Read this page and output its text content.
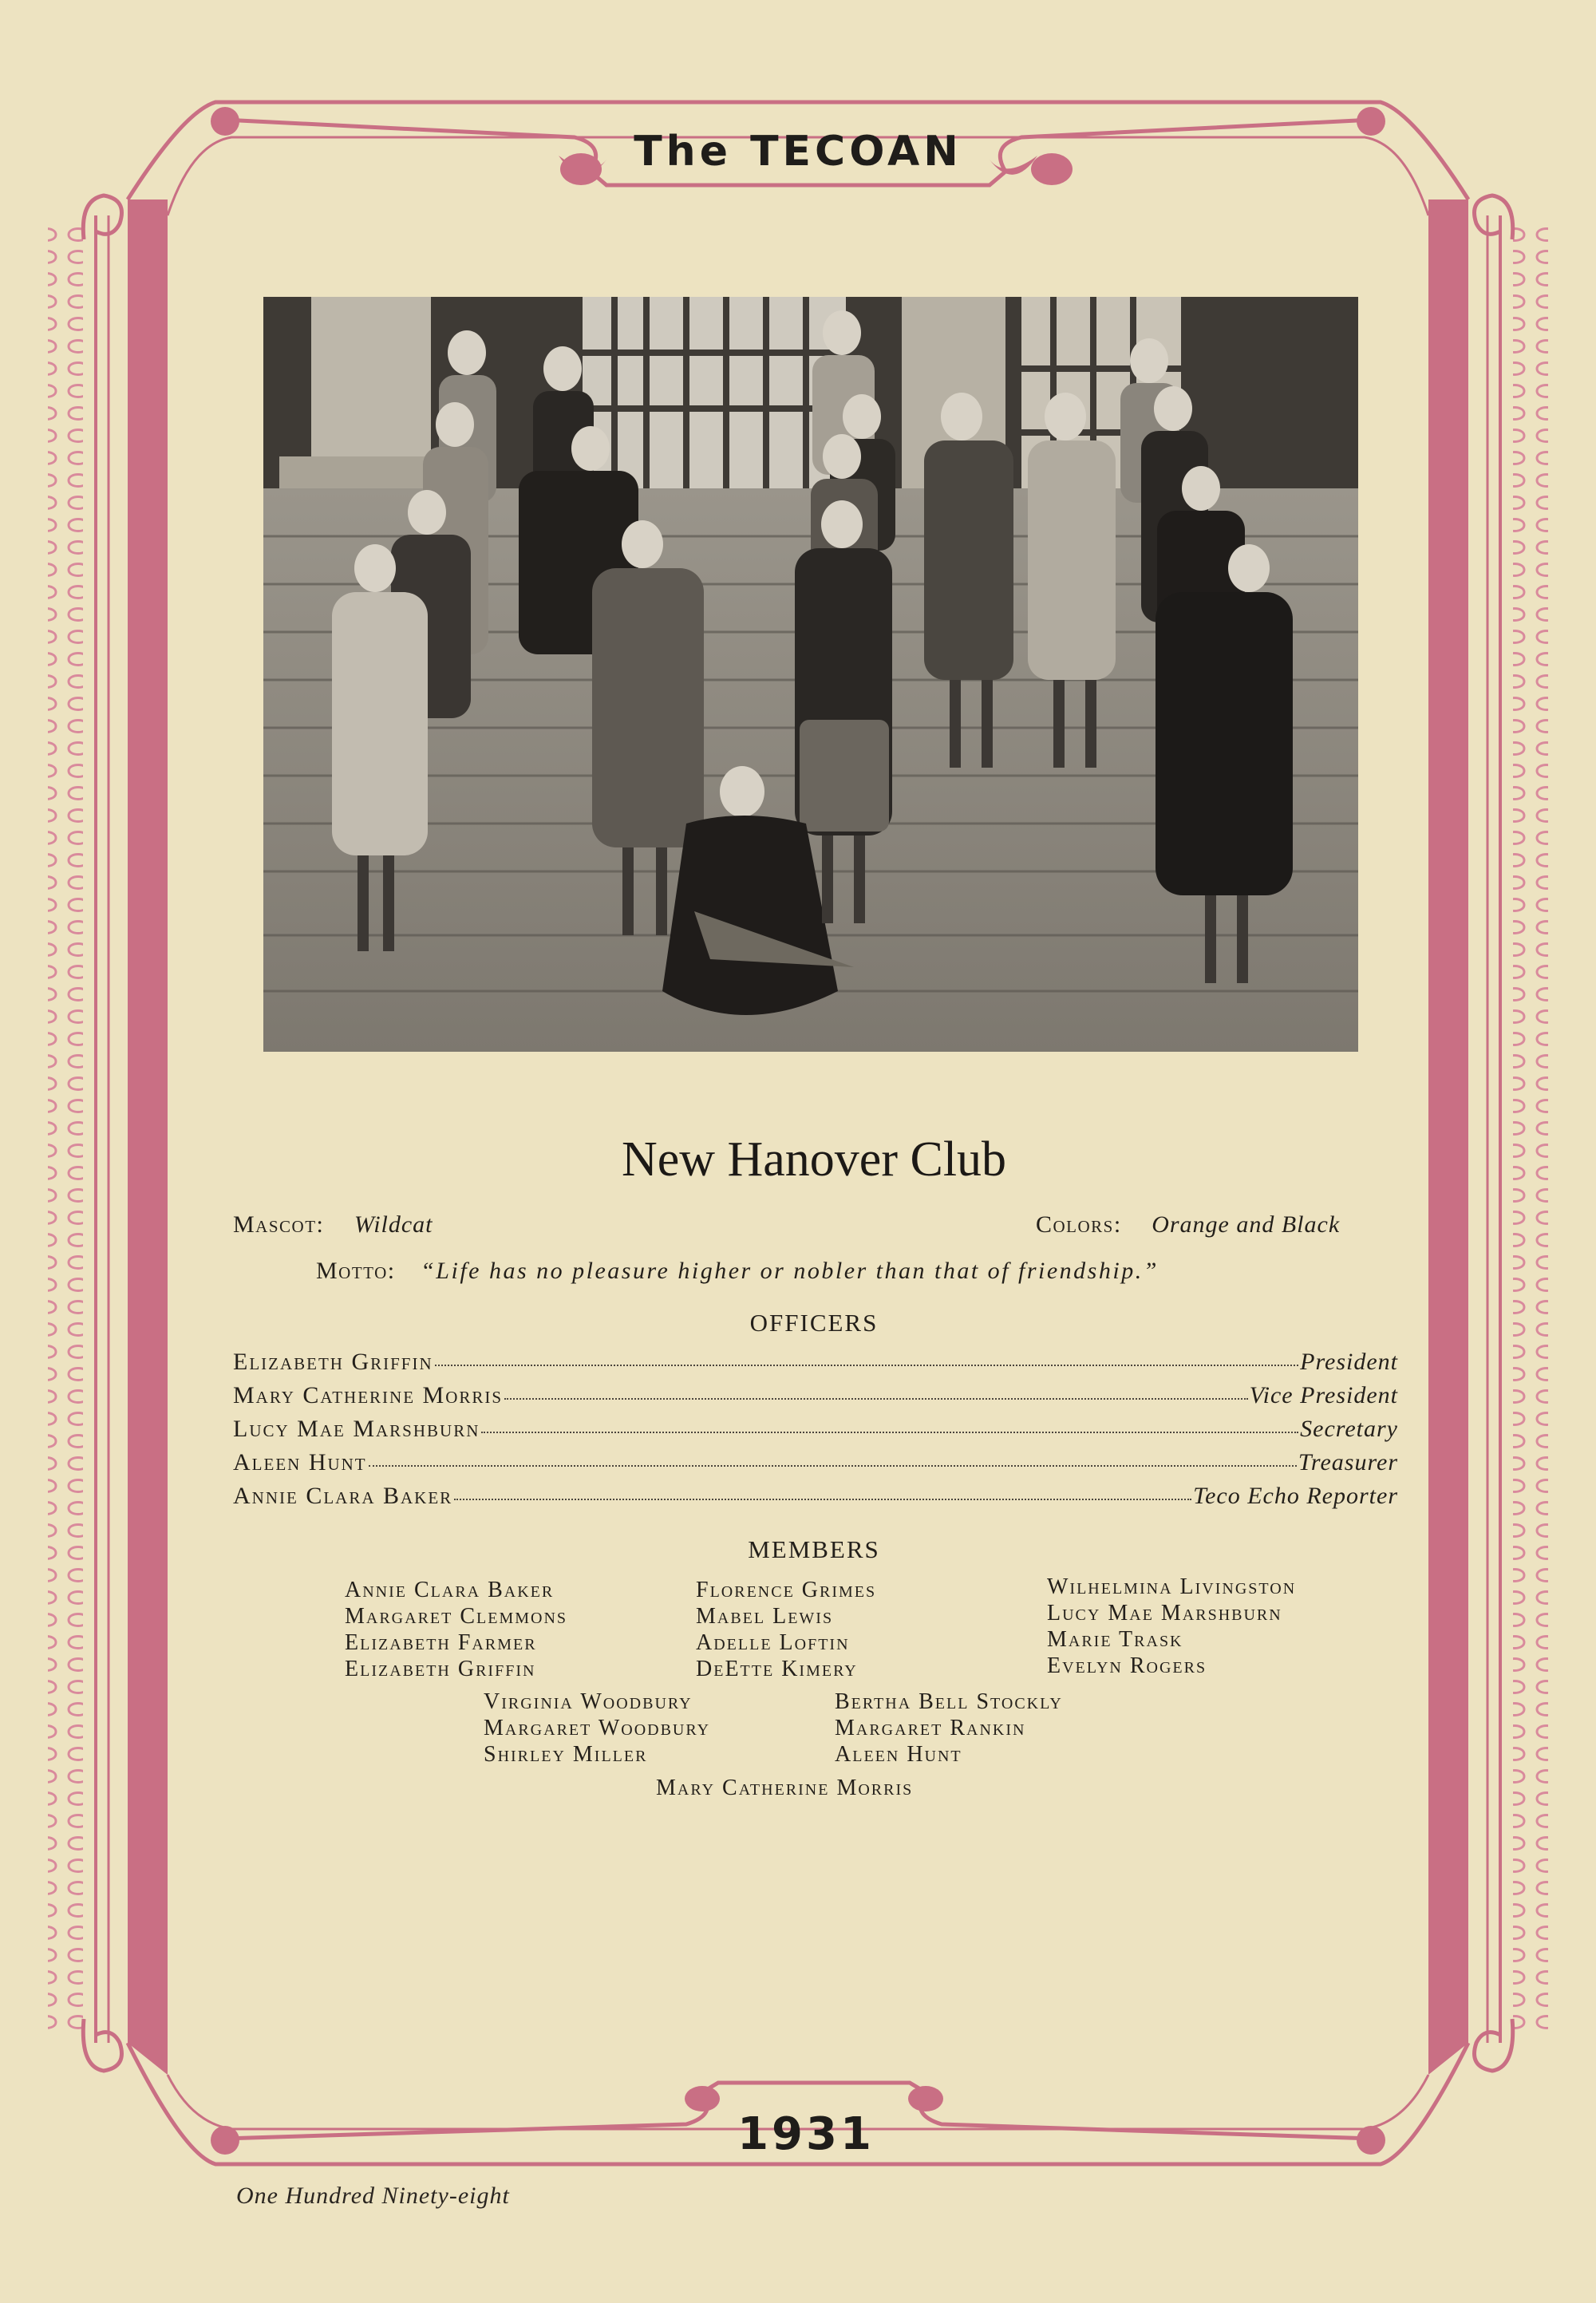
The TECOAN
New Hanover Club
Mascot: Wildcat	Colors: Orange and Black
Motto: “Life has no pleasure higher or nobler than that of friendship.”
OFFICERS
Elizabeth Griffin	President
Mary Catherine Morris	Vice President
Lucy Mae Marshburn	Secretary
Aleen Hunt	Treasurer
Annie Clara Baker	Teco Echo Reporter
MEMBERS
Annie Clara Baker
Margaret Clemmons
Elizabeth Farmer
Elizabeth Griffin
Florence Grimes
Mabel Lewis
Adelle Loftin
DeEtte Kimery
Wilhelmina Livingston
Lucy Mae Marshburn
Marie Trask
Evelyn Rogers
Virginia Woodbury
Margaret Woodbury
Shirley Miller
Bertha Bell Stockly
Margaret Rankin
Aleen Hunt
Mary Catherine Morris
1931
One Hundred Ninety-eight
